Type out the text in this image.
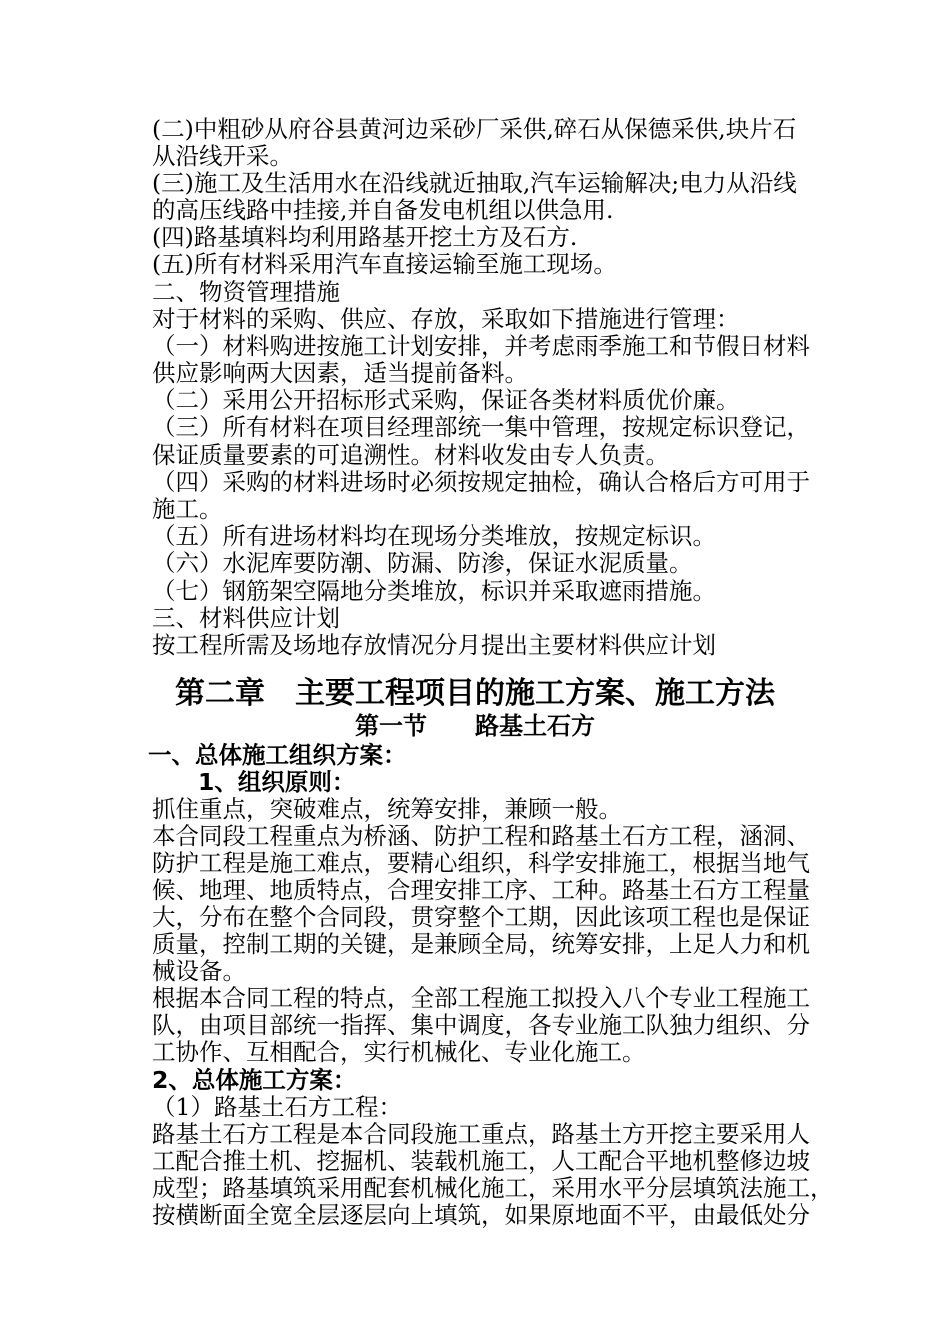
(二)中粗砂从府谷县黄河边采砂厂采供,碎石从保德采供,块片石
从沿线开采。
(三)施工及生活用水在沿线就近抽取,汽车运输解决;电力从沿线
的高压线路中挂接,并自备发电机组以供急用.
(四)路基填料均利用路基开挖土方及石方.
(五)所有材料采用汽车直接运输至施工现场。
二、物资管理措施
对于材料的采购、供应、存放，采取如下措施进行管理：
（一）材料购进按施工计划安排，并考虑雨季施工和节假日材料
供应影响两大因素，适当提前备料。
（二）采用公开招标形式采购，保证各类材料质优价廉。
（三）所有材料在项目经理部统一集中管理，按规定标识登记，
保证质量要素的可追溯性。材料收发由专人负责。
（四）采购的材料进场时必须按规定抽检，确认合格后方可用于
施工。
（五）所有进场材料均在现场分类堆放，按规定标识。
（六）水泥库要防潮、防漏、防渗，保证水泥质量。
（七）钢筋架空隔地分类堆放，标识并采取遮雨措施。
三、材料供应计划
按工程所需及场地存放情况分月提出主要材料供应计划
第二章　主要工程项目的施工方案、施工方法
第一节　　路基土石方
一、总体施工组织方案：
1、组织原则：
抓住重点，突破难点，统筹安排，兼顾一般。
本合同段工程重点为桥涵、防护工程和路基土石方工程，涵洞、
防护工程是施工难点，要精心组织，科学安排施工，根据当地气
候、地理、地质特点，合理安排工序、工种。路基土石方工程量
大，分布在整个合同段，贯穿整个工期，因此该项工程也是保证
质量，控制工期的关键，是兼顾全局，统筹安排，上足人力和机
械设备。
根据本合同工程的特点，全部工程施工拟投入八个专业工程施工
队，由项目部统一指挥、集中调度，各专业施工队独力组织、分
工协作、互相配合，实行机械化、专业化施工。
2、总体施工方案：
（1）路基土石方工程：
路基土石方工程是本合同段施工重点，路基土方开挖主要采用人
工配合推土机、挖掘机、装载机施工，人工配合平地机整修边坡
成型；路基填筑采用配套机械化施工，采用水平分层填筑法施工，
按横断面全宽全层逐层向上填筑，如果原地面不平，由最低处分
